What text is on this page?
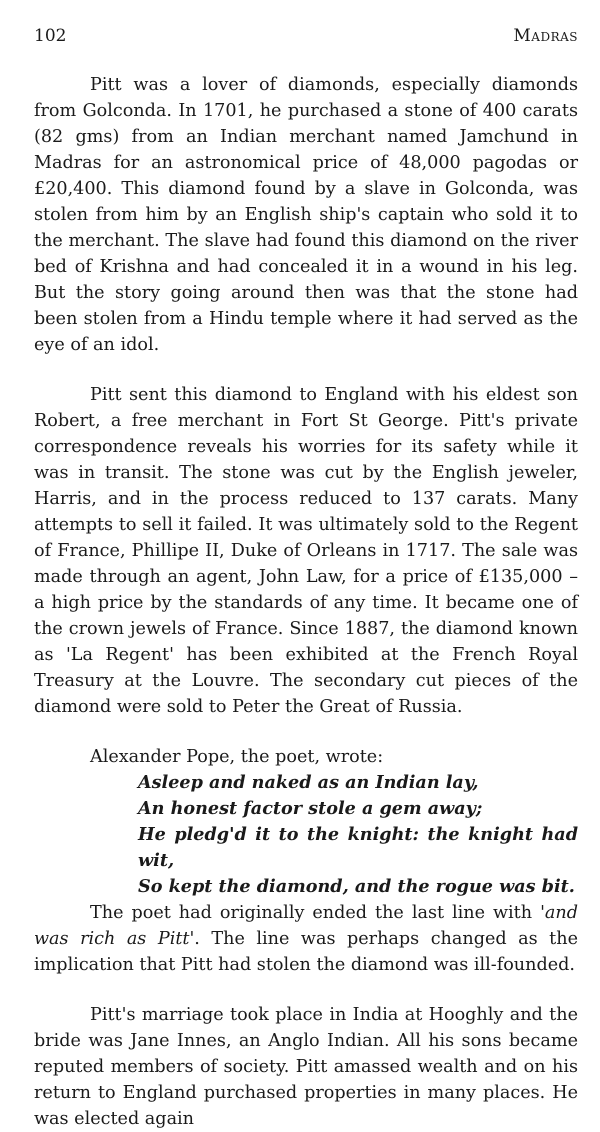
102	Madras

Pitt was a lover of diamonds, especially diamonds from Golconda. In 1701, he purchased a stone of 400 carats (82 gms) from an Indian merchant named Jamchund in Madras for an astronomical price of 48,000 pagodas or £20,400. This diamond found by a slave in Golconda, was stolen from him by an English ship's captain who sold it to the merchant. The slave had found this diamond on the river bed of Krishna and had concealed it in a wound in his leg. But the story going around then was that the stone had been stolen from a Hindu temple where it had served as the eye of an idol.

Pitt sent this diamond to England with his eldest son Robert, a free merchant in Fort St George. Pitt's private correspondence reveals his worries for its safety while it was in transit. The stone was cut by the English jeweler, Harris, and in the process reduced to 137 carats. Many attempts to sell it failed. It was ultimately sold to the Regent of France, Phillipe II, Duke of Orleans in 1717. The sale was made through an agent, John Law, for a price of £135,000 – a high price by the standards of any time. It became one of the crown jewels of France. Since 1887, the diamond known as 'La Regent' has been exhibited at the French Royal Treasury at the Louvre. The secondary cut pieces of the diamond were sold to Peter the Great of Russia.

Alexander Pope, the poet, wrote:

Asleep and naked as an Indian lay,
An honest factor stole a gem away;
He pledg'd it to the knight: the knight had wit,
So kept the diamond, and the rogue was bit.

The poet had originally ended the last line with 'and was rich as Pitt'. The line was perhaps changed as the implication that Pitt had stolen the diamond was ill-founded.

Pitt's marriage took place in India at Hooghly and the bride was Jane Innes, an Anglo Indian. All his sons became reputed members of society. Pitt amassed wealth and on his return to England purchased properties in many places. He was elected again
